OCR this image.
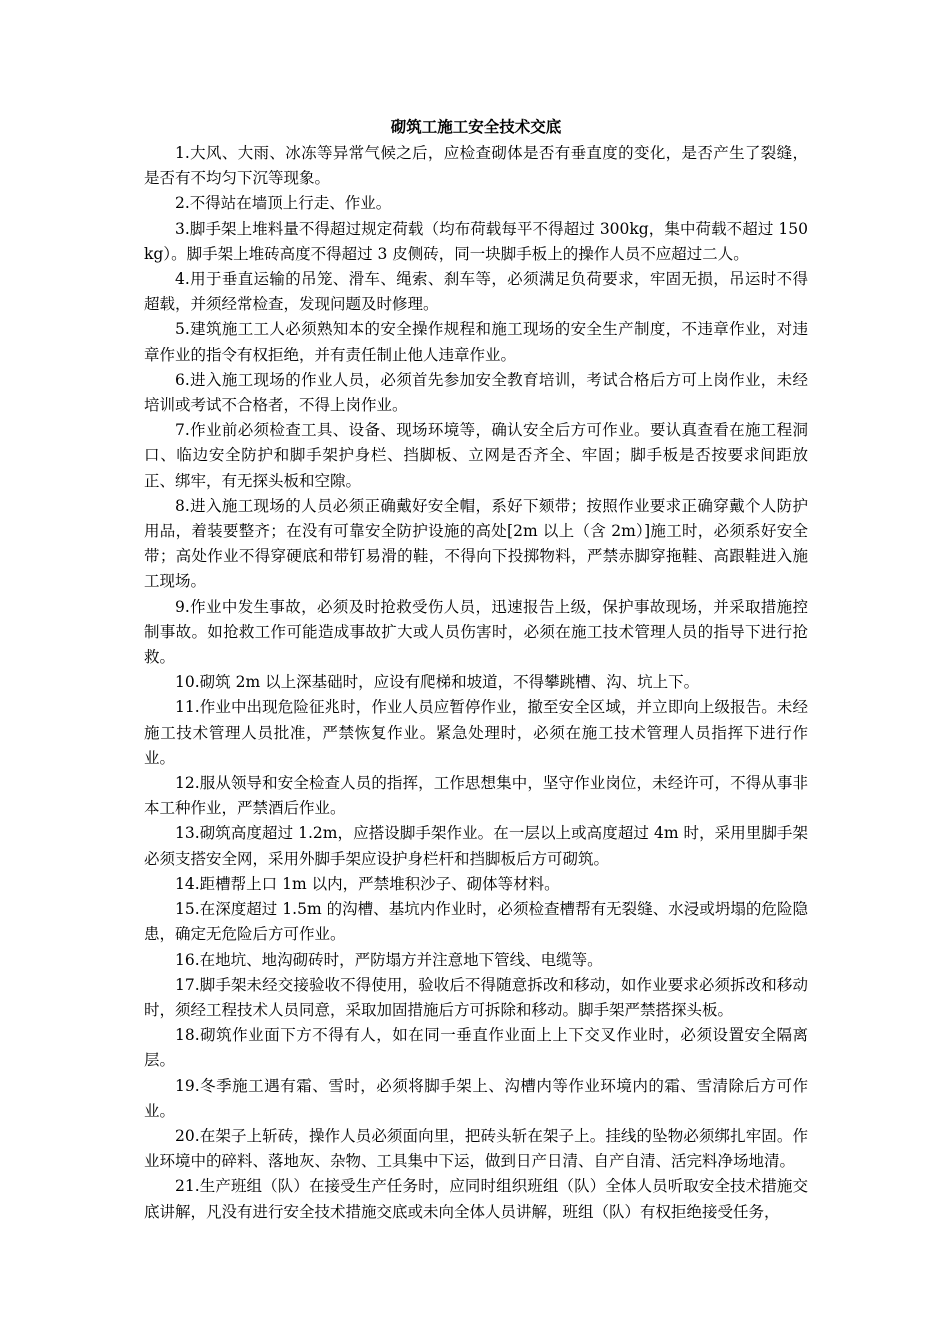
砌筑工施工安全技术交底

1.大风、大雨、冰冻等异常气候之后，应检查砌体是否有垂直度的变化，是否产生了裂缝，是否有不均匀下沉等现象。

2.不得站在墙顶上行走、作业。

3.脚手架上堆料量不得超过规定荷载（均布荷载每平不得超过 300kg，集中荷载不超过 150kg）。脚手架上堆砖高度不得超过 3 皮侧砖，同一块脚手板上的操作人员不应超过二人。

4.用于垂直运输的吊笼、滑车、绳索、刹车等，必须满足负荷要求，牢固无损，吊运时不得超载，并须经常检查，发现问题及时修理。

5.建筑施工工人必须熟知本的安全操作规程和施工现场的安全生产制度，不违章作业，对违章作业的指令有权拒绝，并有责任制止他人违章作业。

6.进入施工现场的作业人员，必须首先参加安全教育培训，考试合格后方可上岗作业，未经培训或考试不合格者，不得上岗作业。

7.作业前必须检查工具、设备、现场环境等，确认安全后方可作业。要认真查看在施工程洞口、临边安全防护和脚手架护身栏、挡脚板、立网是否齐全、牢固；脚手板是否按要求间距放正、绑牢，有无探头板和空隙。

8.进入施工现场的人员必须正确戴好安全帽，系好下颏带；按照作业要求正确穿戴个人防护用品，着装要整齐；在没有可靠安全防护设施的高处[2m 以上（含 2m）]施工时，必须系好安全带；高处作业不得穿硬底和带钉易滑的鞋，不得向下投掷物料，严禁赤脚穿拖鞋、高跟鞋进入施工现场。

9.作业中发生事故，必须及时抢救受伤人员，迅速报告上级，保护事故现场，并采取措施控制事故。如抢救工作可能造成事故扩大或人员伤害时，必须在施工技术管理人员的指导下进行抢救。

10.砌筑 2m 以上深基础时，应设有爬梯和坡道，不得攀跳槽、沟、坑上下。

11.作业中出现危险征兆时，作业人员应暂停作业，撤至安全区域，并立即向上级报告。未经施工技术管理人员批准，严禁恢复作业。紧急处理时，必须在施工技术管理人员指挥下进行作业。

12.服从领导和安全检查人员的指挥，工作思想集中，坚守作业岗位，未经许可，不得从事非本工种作业，严禁酒后作业。

13.砌筑高度超过 1.2m，应搭设脚手架作业。在一层以上或高度超过 4m 时，采用里脚手架必须支搭安全网，采用外脚手架应设护身栏杆和挡脚板后方可砌筑。

14.距槽帮上口 1m 以内，严禁堆积沙子、砌体等材料。

15.在深度超过 1.5m 的沟槽、基坑内作业时，必须检查槽帮有无裂缝、水浸或坍塌的危险隐患，确定无危险后方可作业。

16.在地坑、地沟砌砖时，严防塌方并注意地下管线、电缆等。

17.脚手架未经交接验收不得使用，验收后不得随意拆改和移动，如作业要求必须拆改和移动时，须经工程技术人员同意，采取加固措施后方可拆除和移动。脚手架严禁搭探头板。

18.砌筑作业面下方不得有人，如在同一垂直作业面上上下交叉作业时，必须设置安全隔离层。

19.冬季施工遇有霜、雪时，必须将脚手架上、沟槽内等作业环境内的霜、雪清除后方可作业。

20.在架子上斩砖，操作人员必须面向里，把砖头斩在架子上。挂线的坠物必须绑扎牢固。作业环境中的碎料、落地灰、杂物、工具集中下运，做到日产日清、自产自清、活完料净场地清。

21.生产班组（队）在接受生产任务时，应同时组织班组（队）全体人员听取安全技术措施交底讲解，凡没有进行安全技术措施交底或未向全体人员讲解，班组（队）有权拒绝接受任务，
